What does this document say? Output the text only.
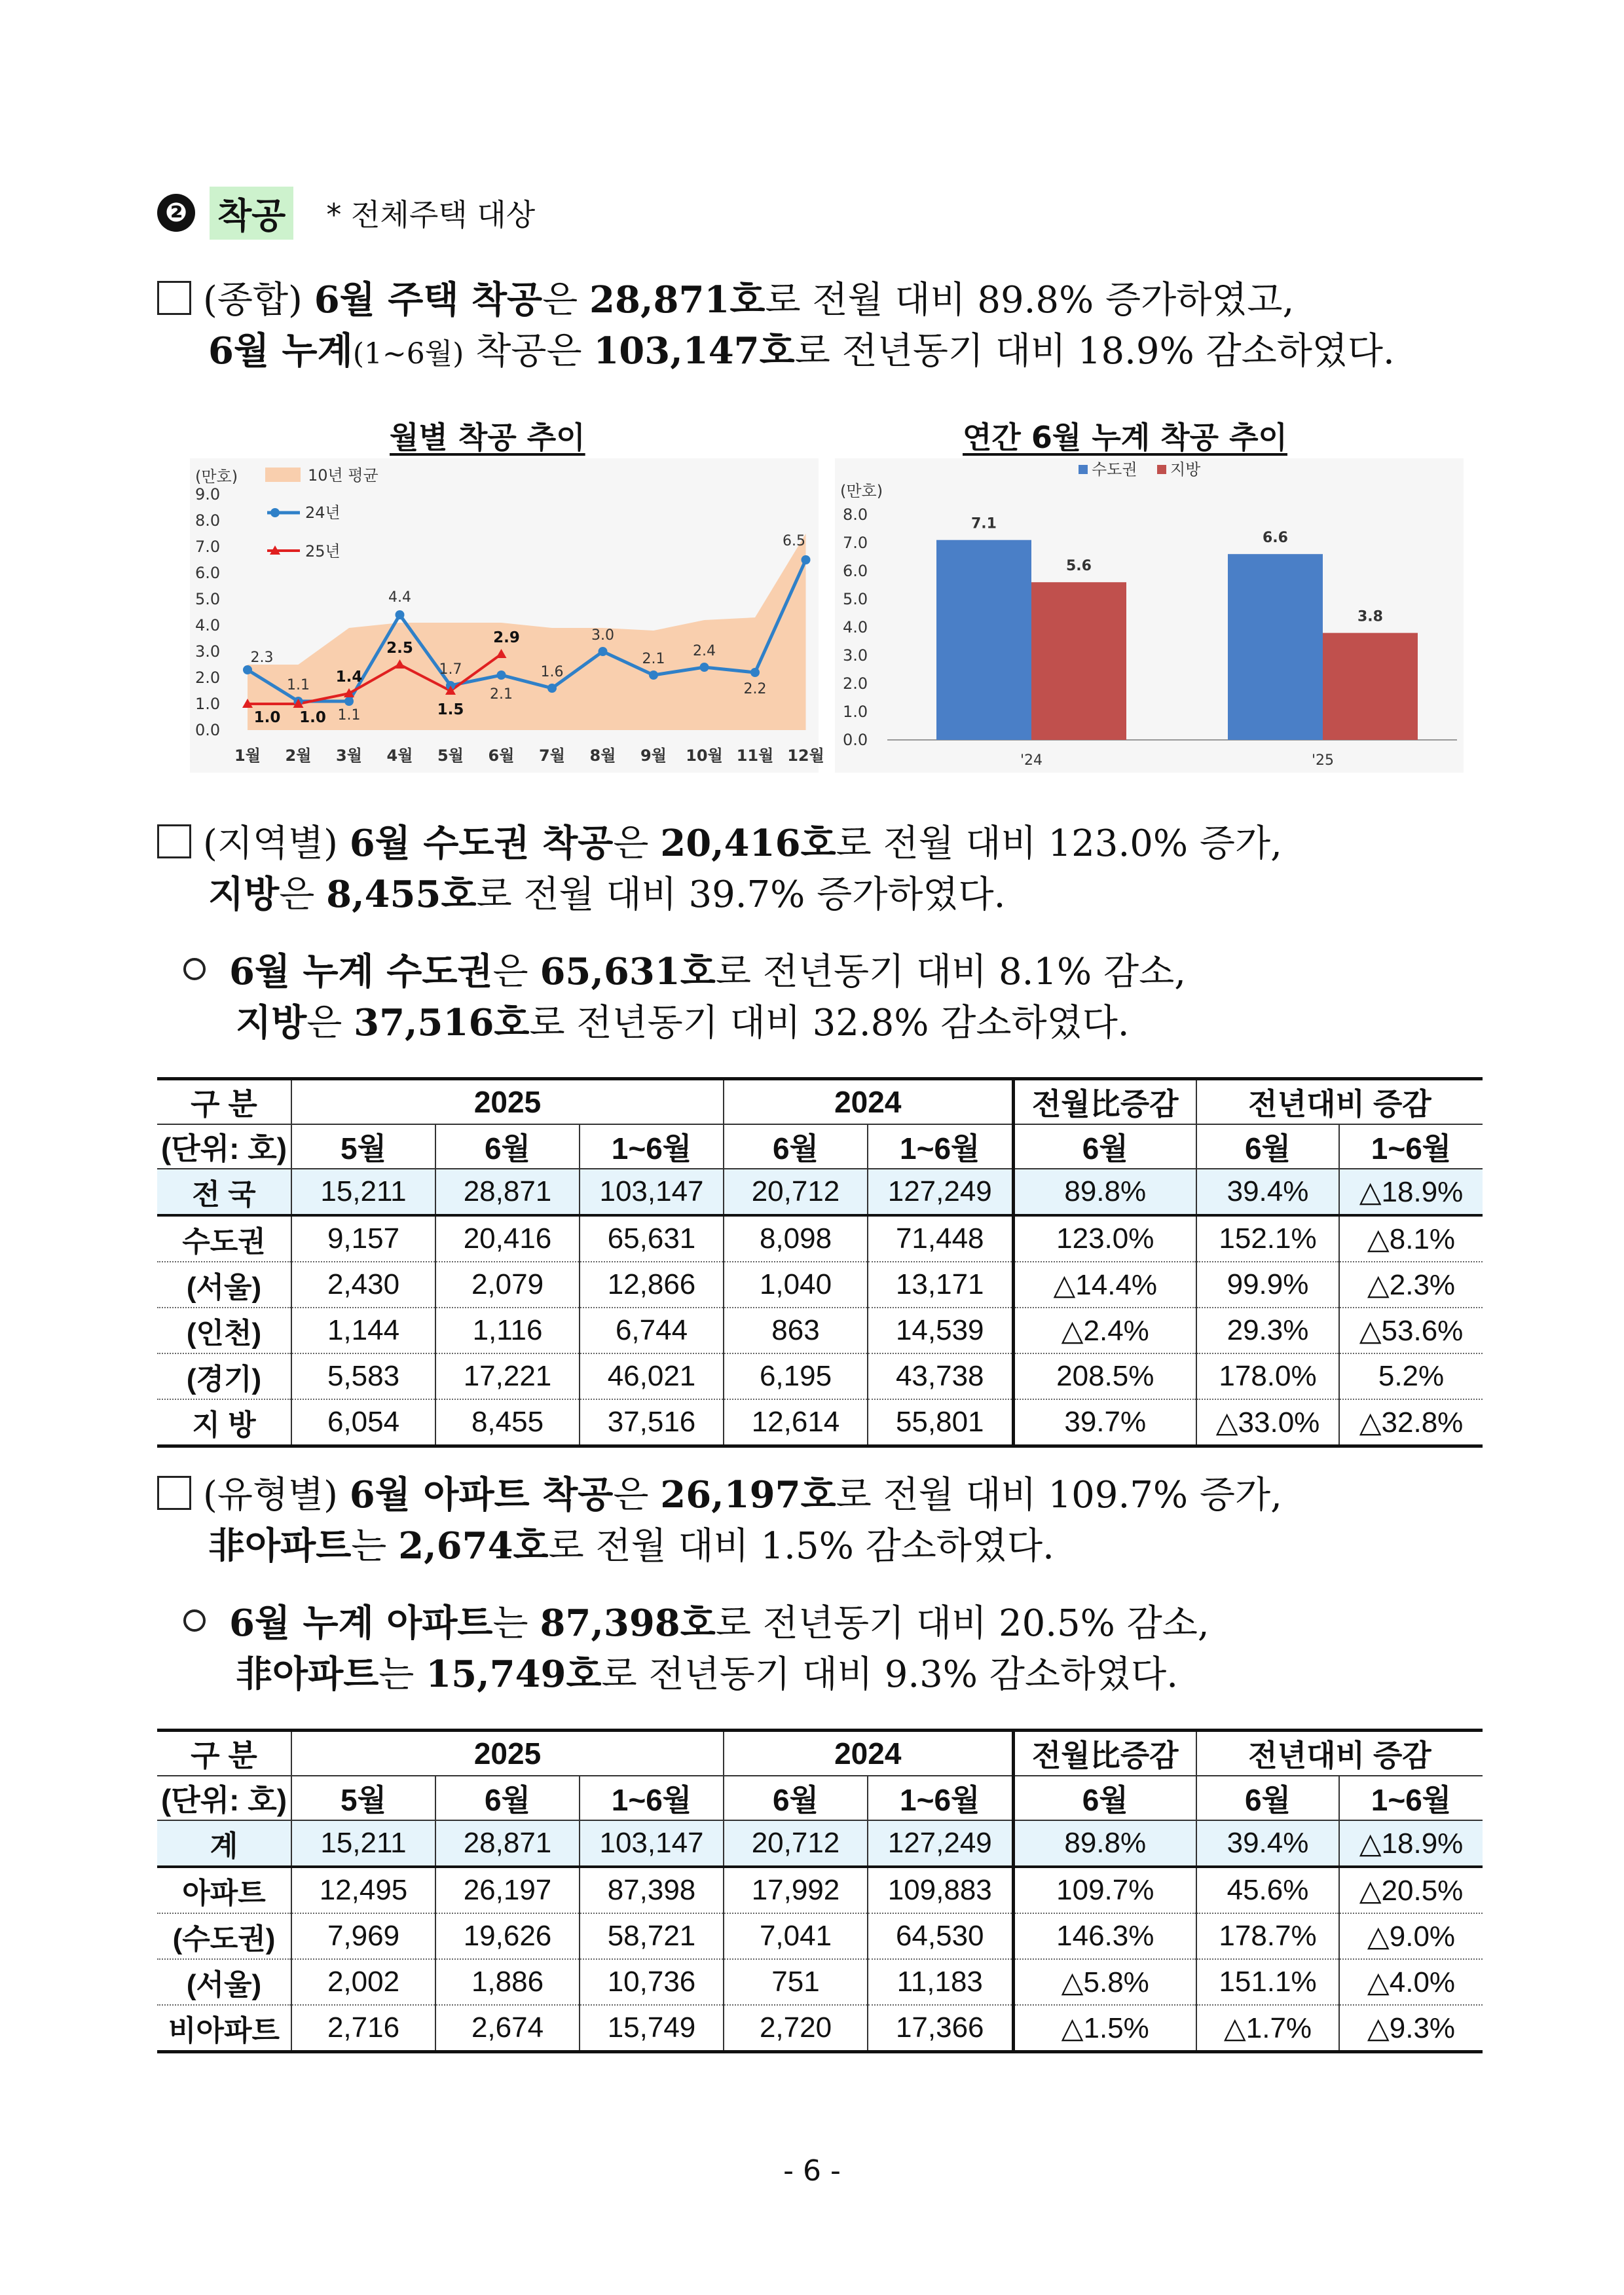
❷ 착공 * 전체주택 대상
(종합) 6월 주택 착공은 28,871호로 전월 대비 89.8% 증가하였고,
6월 누계(1~6월) 착공은 103,147호로 전년동기 대비 18.9% 감소하였다.
월별 착공 추이	연간 6월 누계 착공 추이
0.0
1.0
2.0
3.0
4.0
5.0
6.0
7.0
8.0
9.0
1월 2월 3월 4월 5월 6월 7월 8월 9월 10월 11월 12월
2.3
1.1
1.1
4.4
1.7
2.1
1.6
3.0
2.1 2.4
2.2
6.5
1.0 1.0
1.4
2.5
1.5
2.9
(만호)	10년 평균
24년
25년
0.0
1.0
2.0
3.0
4.0
5.0
6.0
7.0
8.0
7.1
5.6
6.6
3.8
'24	'25
(만호)
수도권 지방
(지역별) 6월 수도권 착공은 20,416호로 전월 대비 123.0% 증가,
지방은 8,455호로 전월 대비 39.7% 증가하였다.
6월 누계 수도권은 65,631호로 전년동기 대비 8.1% 감소,
지방은 37,516호로 전년동기 대비 32.8% 감소하였다.
구 분	2025			2024		전월比증감	전년대비 증감	
(단위: 호)	5월	6월	1~6월	6월	1~6월	6월	6월	1~6월
전 국	15,211	28,871	103,147	20,712	127,249	89.8%	39.4%	△18.9%
수도권	9,157	20,416	65,631	8,098	71,448	123.0%	152.1%	△8.1%
(서울)	2,430	2,079	12,866	1,040	13,171	△14.4%	99.9%	△2.3%
(인천)	1,144	1,116	6,744	863	14,539	△2.4%	29.3%	△53.6%
(경기)	5,583	17,221	46,021	6,195	43,738	208.5%	178.0%	5.2%
지 방	6,054	8,455	37,516	12,614	55,801	39.7%	△33.0%	△32.8%
(유형별) 6월 아파트 착공은 26,197호로 전월 대비 109.7% 증가,
非아파트는 2,674호로 전월 대비 1.5% 감소하였다.
6월 누계 아파트는 87,398호로 전년동기 대비 20.5% 감소,
非아파트는 15,749호로 전년동기 대비 9.3% 감소하였다.
구 분	2025			2024		전월比증감	전년대비 증감	
(단위: 호)	5월	6월	1~6월	6월	1~6월	6월	6월	1~6월
계	15,211	28,871	103,147	20,712	127,249	89.8%	39.4%	△18.9%
아파트	12,495	26,197	87,398	17,992	109,883	109.7%	45.6%	△20.5%
(수도권)	7,969	19,626	58,721	7,041	64,530	146.3%	178.7%	△9.0%
(서울)	2,002	1,886	10,736	751	11,183	△5.8%	151.1%	△4.0%
비아파트	2,716	2,674	15,749	2,720	17,366	△1.5%	△1.7%	△9.3%
- 6 -
